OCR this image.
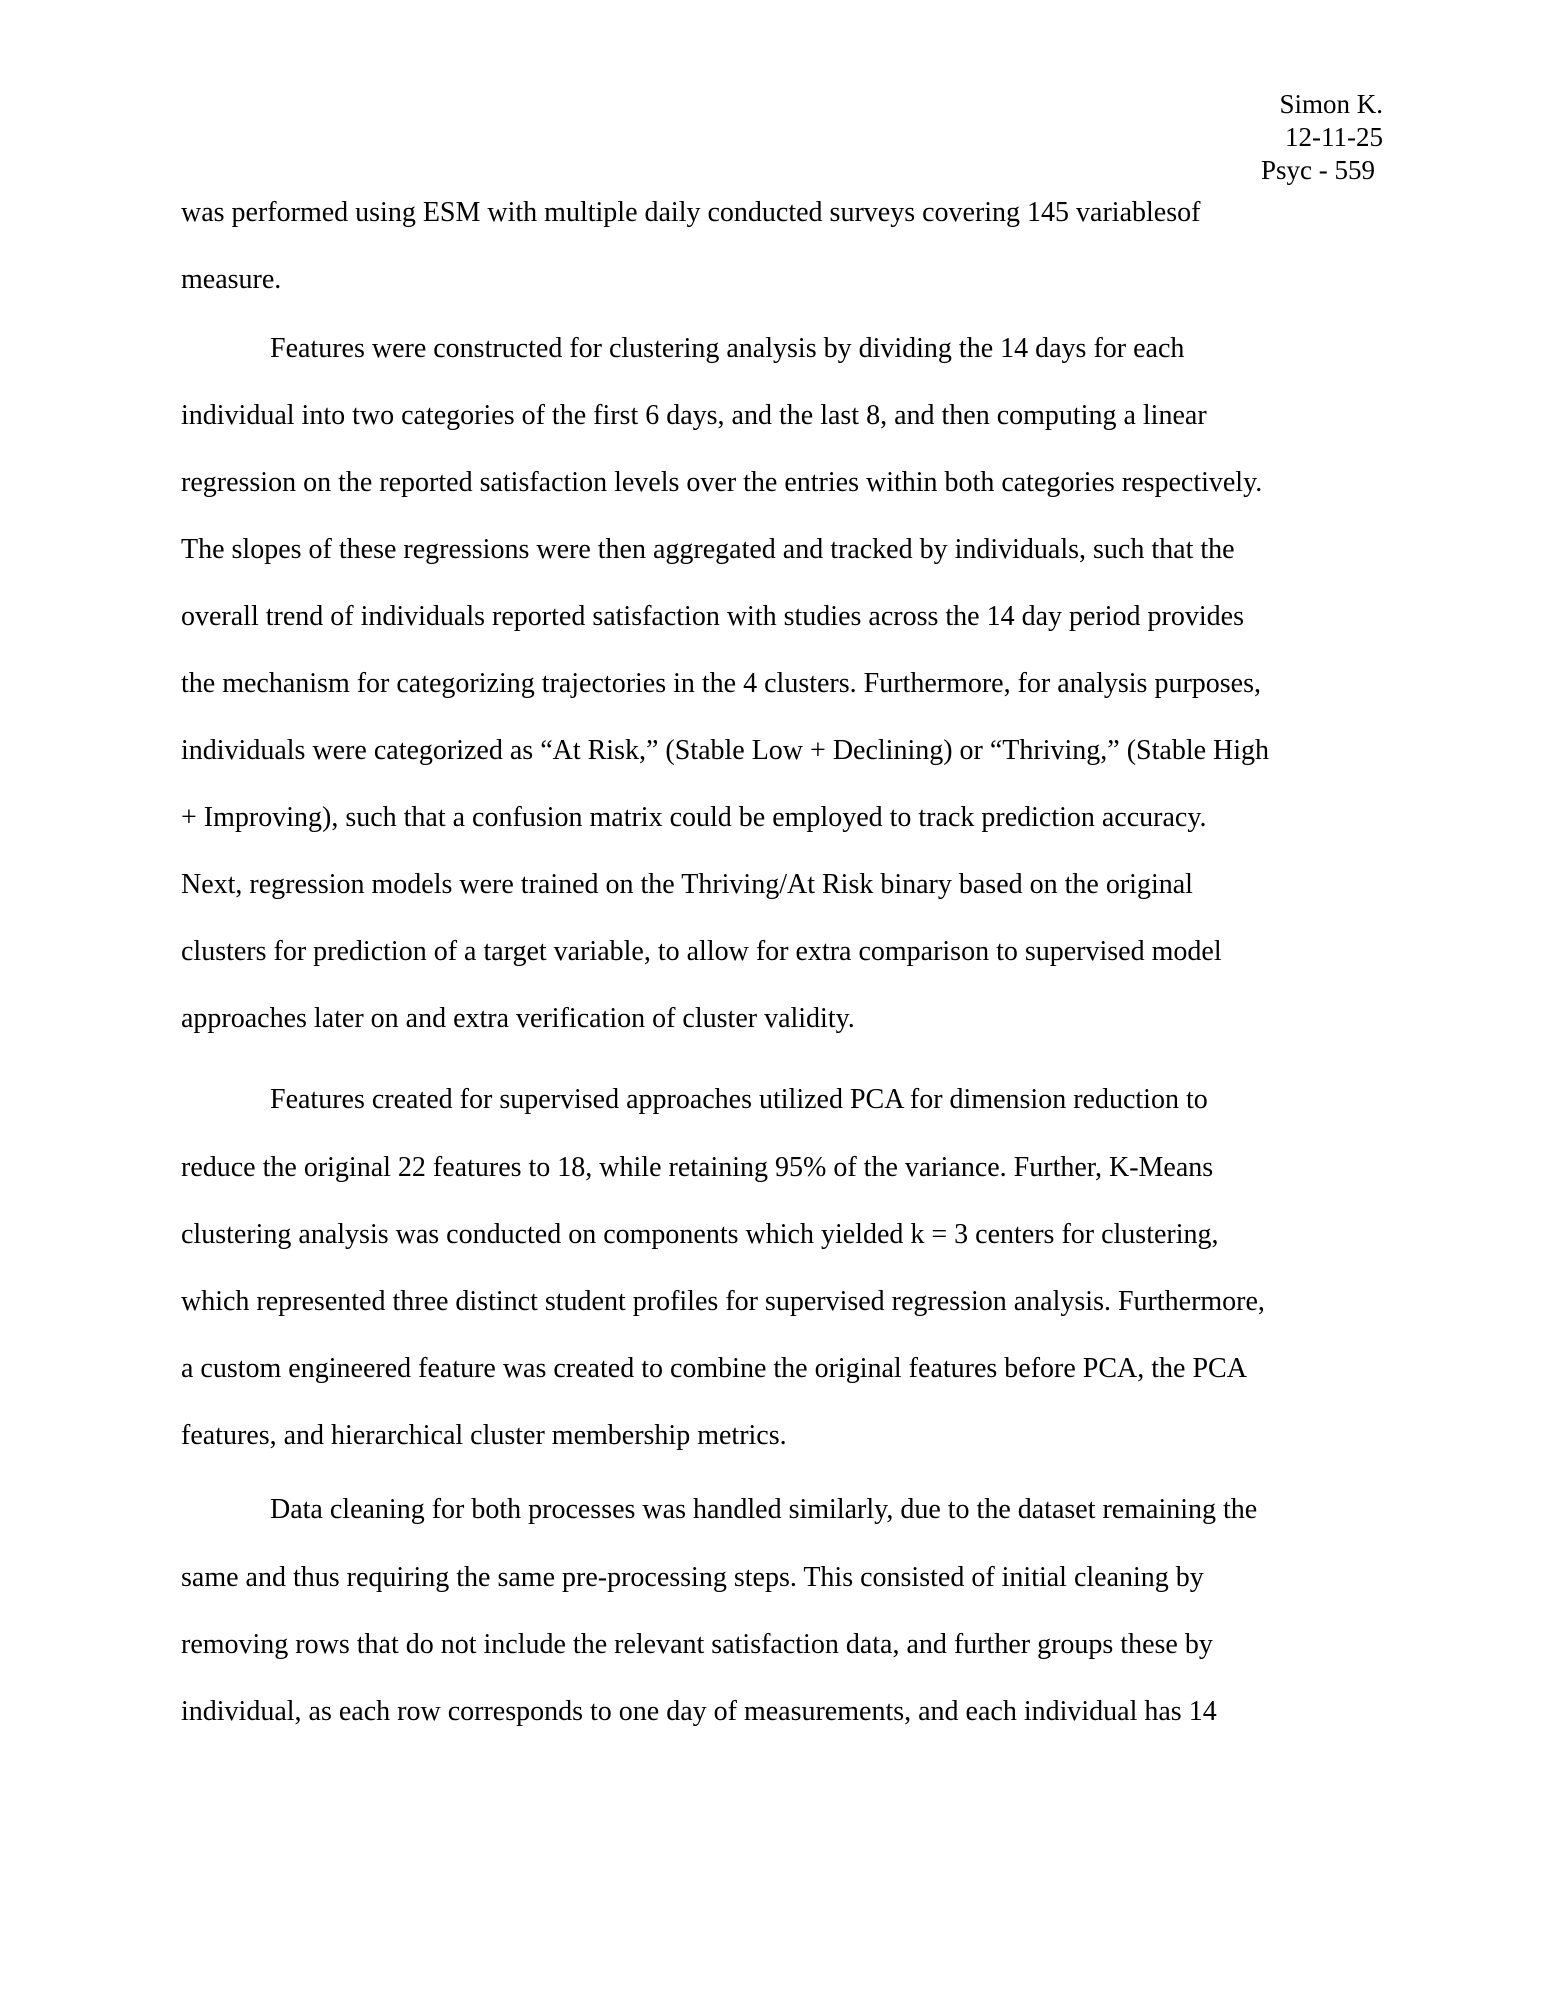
Simon K.
12-11-25
Psyc - 559
was performed using ESM with multiple daily conducted surveys covering 145 variablesof
measure.
Features were constructed for clustering analysis by dividing the 14 days for each
individual into two categories of the first 6 days, and the last 8, and then computing a linear
regression on the reported satisfaction levels over the entries within both categories respectively.
The slopes of these regressions were then aggregated and tracked by individuals, such that the
overall trend of individuals reported satisfaction with studies across the 14 day period provides
the mechanism for categorizing trajectories in the 4 clusters. Furthermore, for analysis purposes,
individuals were categorized as “At Risk,” (Stable Low + Declining) or “Thriving,” (Stable High
+ Improving), such that a confusion matrix could be employed to track prediction accuracy.
Next, regression models were trained on the Thriving/At Risk binary based on the original
clusters for prediction of a target variable, to allow for extra comparison to supervised model
approaches later on and extra verification of cluster validity.
Features created for supervised approaches utilized PCA for dimension reduction to
reduce the original 22 features to 18, while retaining 95% of the variance. Further, K-Means
clustering analysis was conducted on components which yielded k = 3 centers for clustering,
which represented three distinct student profiles for supervised regression analysis. Furthermore,
a custom engineered feature was created to combine the original features before PCA, the PCA
features, and hierarchical cluster membership metrics.
Data cleaning for both processes was handled similarly, due to the dataset remaining the
same and thus requiring the same pre-processing steps. This consisted of initial cleaning by
removing rows that do not include the relevant satisfaction data, and further groups these by
individual, as each row corresponds to one day of measurements, and each individual has 14
